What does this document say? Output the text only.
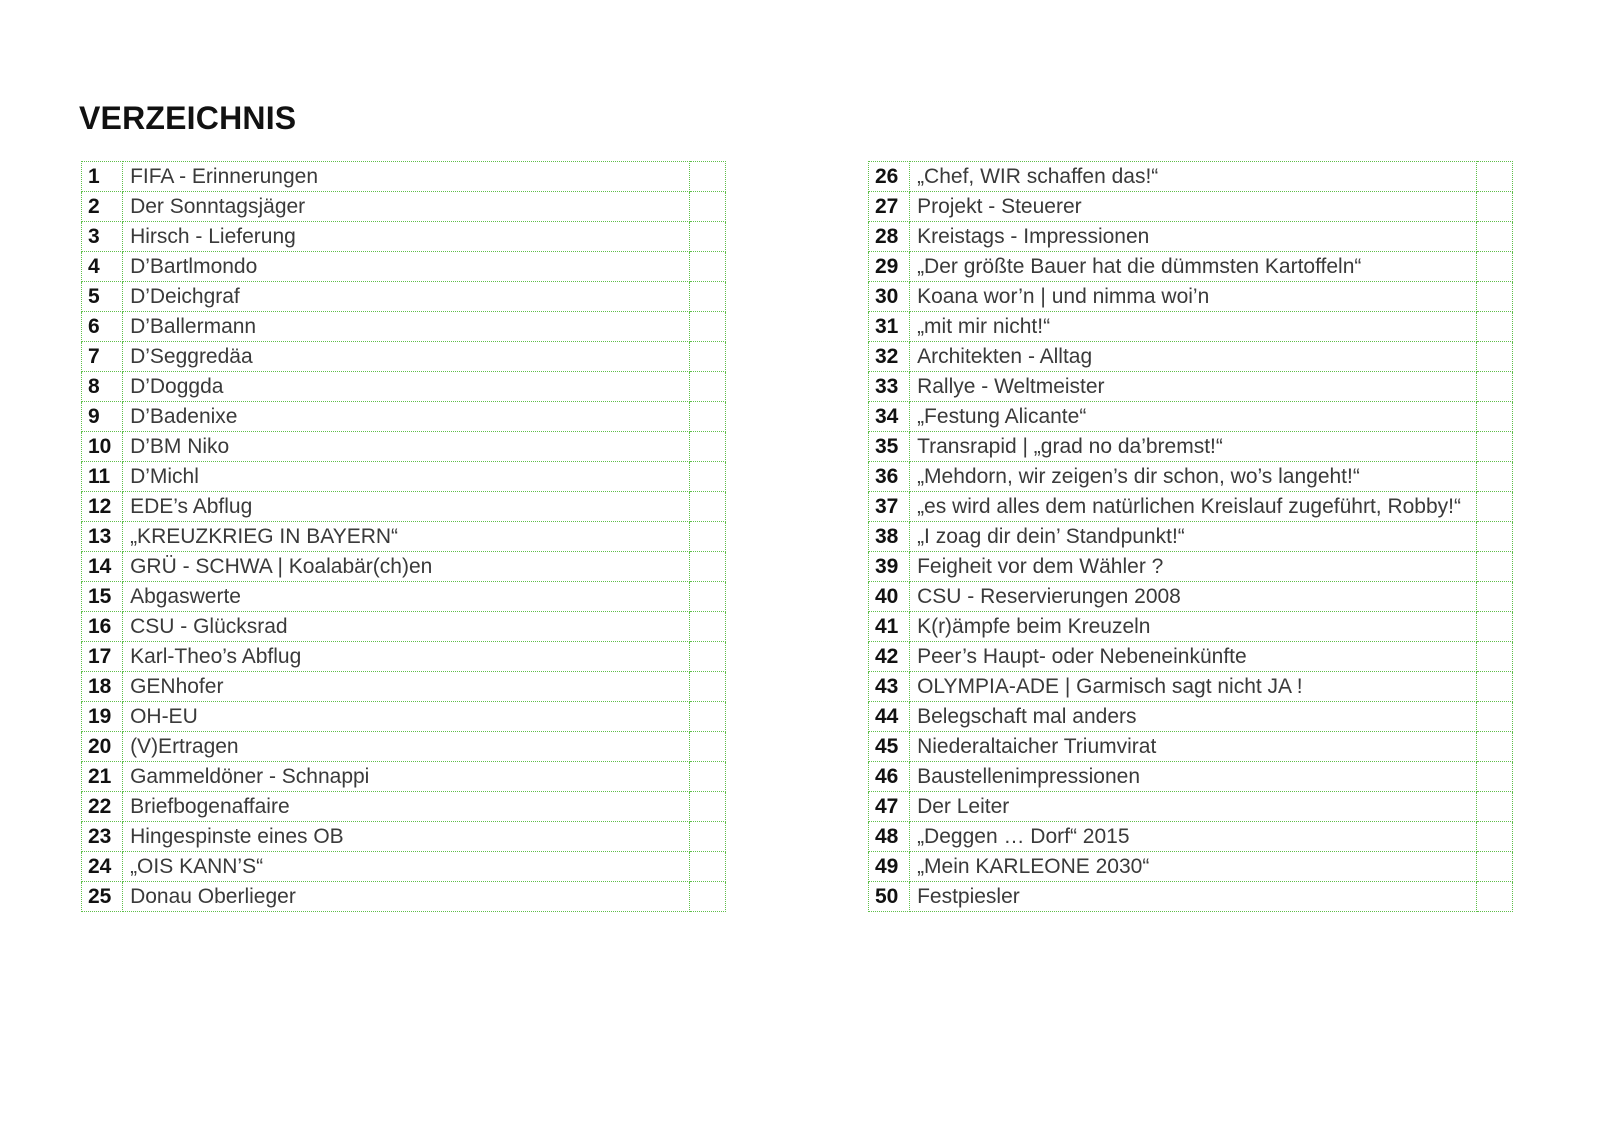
VERZEICHNIS
1	FIFA - Erinnerungen	
2	Der Sonntagsjäger	
3	Hirsch - Lieferung	
4	D’Bartlmondo	
5	D’Deichgraf	
6	D’Ballermann	
7	D’Seggredäa	
8	D’Doggda	
9	D’Badenixe	
10	D’BM Niko	
11	D’Michl	
12	EDE’s Abflug	
13	„KREUZKRIEG IN BAYERN“	
14	GRÜ - SCHWA | Koalabär(ch)en	
15	Abgaswerte	
16	CSU - Glücksrad	
17	Karl-Theo’s Abflug	
18	GENhofer	
19	OH-EU	
20	(V)Ertragen	
21	Gammeldöner - Schnappi	
22	Briefbogenaffaire	
23	Hingespinste eines OB	
24	„OIS KANN’S“	
25	Donau Oberlieger	
26	„Chef, WIR schaffen das!“	
27	Projekt - Steuerer	
28	Kreistags - Impressionen	
29	„Der größte Bauer hat die dümmsten Kartoffeln“	
30	Koana wor’n | und nimma woi’n	
31	„mit mir nicht!“	
32	Architekten - Alltag	
33	Rallye - Weltmeister	
34	„Festung Alicante“	
35	Transrapid | „grad no da’bremst!“	
36	„Mehdorn, wir zeigen’s dir schon, wo’s langeht!“	
37	„es wird alles dem natürlichen Kreislauf zugeführt, Robby!“	
38	„I zoag dir dein’ Standpunkt!“	
39	Feigheit vor dem Wähler ?	
40	CSU - Reservierungen 2008	
41	K(r)ämpfe beim Kreuzeln	
42	Peer’s Haupt- oder Nebeneinkünfte	
43	OLYMPIA-ADE | Garmisch sagt nicht JA !	
44	Belegschaft mal anders	
45	Niederaltaicher Triumvirat	
46	Baustellenimpressionen	
47	Der Leiter	
48	„Deggen … Dorf“ 2015	
49	„Mein KARLEONE 2030“	
50	Festpiesler	
